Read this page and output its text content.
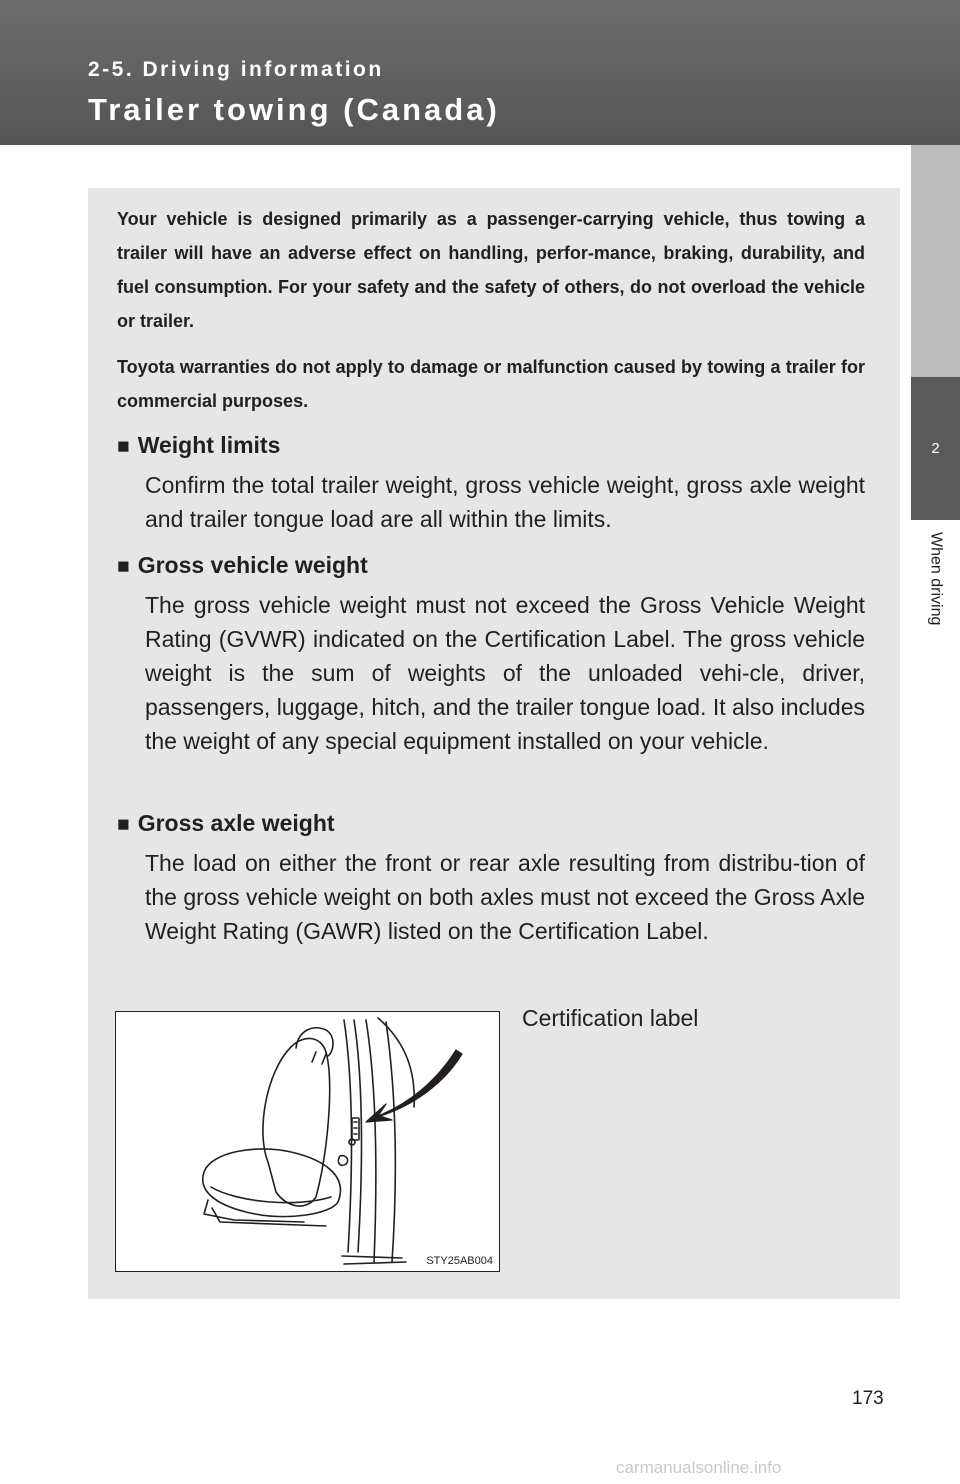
2-5. Driving information

Trailer towing (Canada)
2
When driving

Your vehicle is designed primarily as a passenger-carrying vehicle, thus towing a trailer will have an adverse effect on handling, perfor-mance, braking, durability, and fuel consumption. For your safety and the safety of others, do not overload the vehicle or trailer.

Toyota warranties do not apply to damage or malfunction caused by towing a trailer for commercial purposes.

■ Weight limits

Confirm the total trailer weight, gross vehicle weight, gross axle weight and trailer tongue load are all within the limits.

■ Gross vehicle weight

The gross vehicle weight must not exceed the Gross Vehicle Weight Rating (GVWR) indicated on the Certification Label. The gross vehicle weight is the sum of weights of the unloaded vehi-cle, driver, passengers, luggage, hitch, and the trailer tongue load. It also includes the weight of any special equipment installed on your vehicle.

■ Gross axle weight

The load on either the front or rear axle resulting from distribu-tion of the gross vehicle weight on both axles must not exceed the Gross Axle Weight Rating (GAWR) listed on the Certification Label.

STY25AB004

Certification label

173
carmanualsonline.info
